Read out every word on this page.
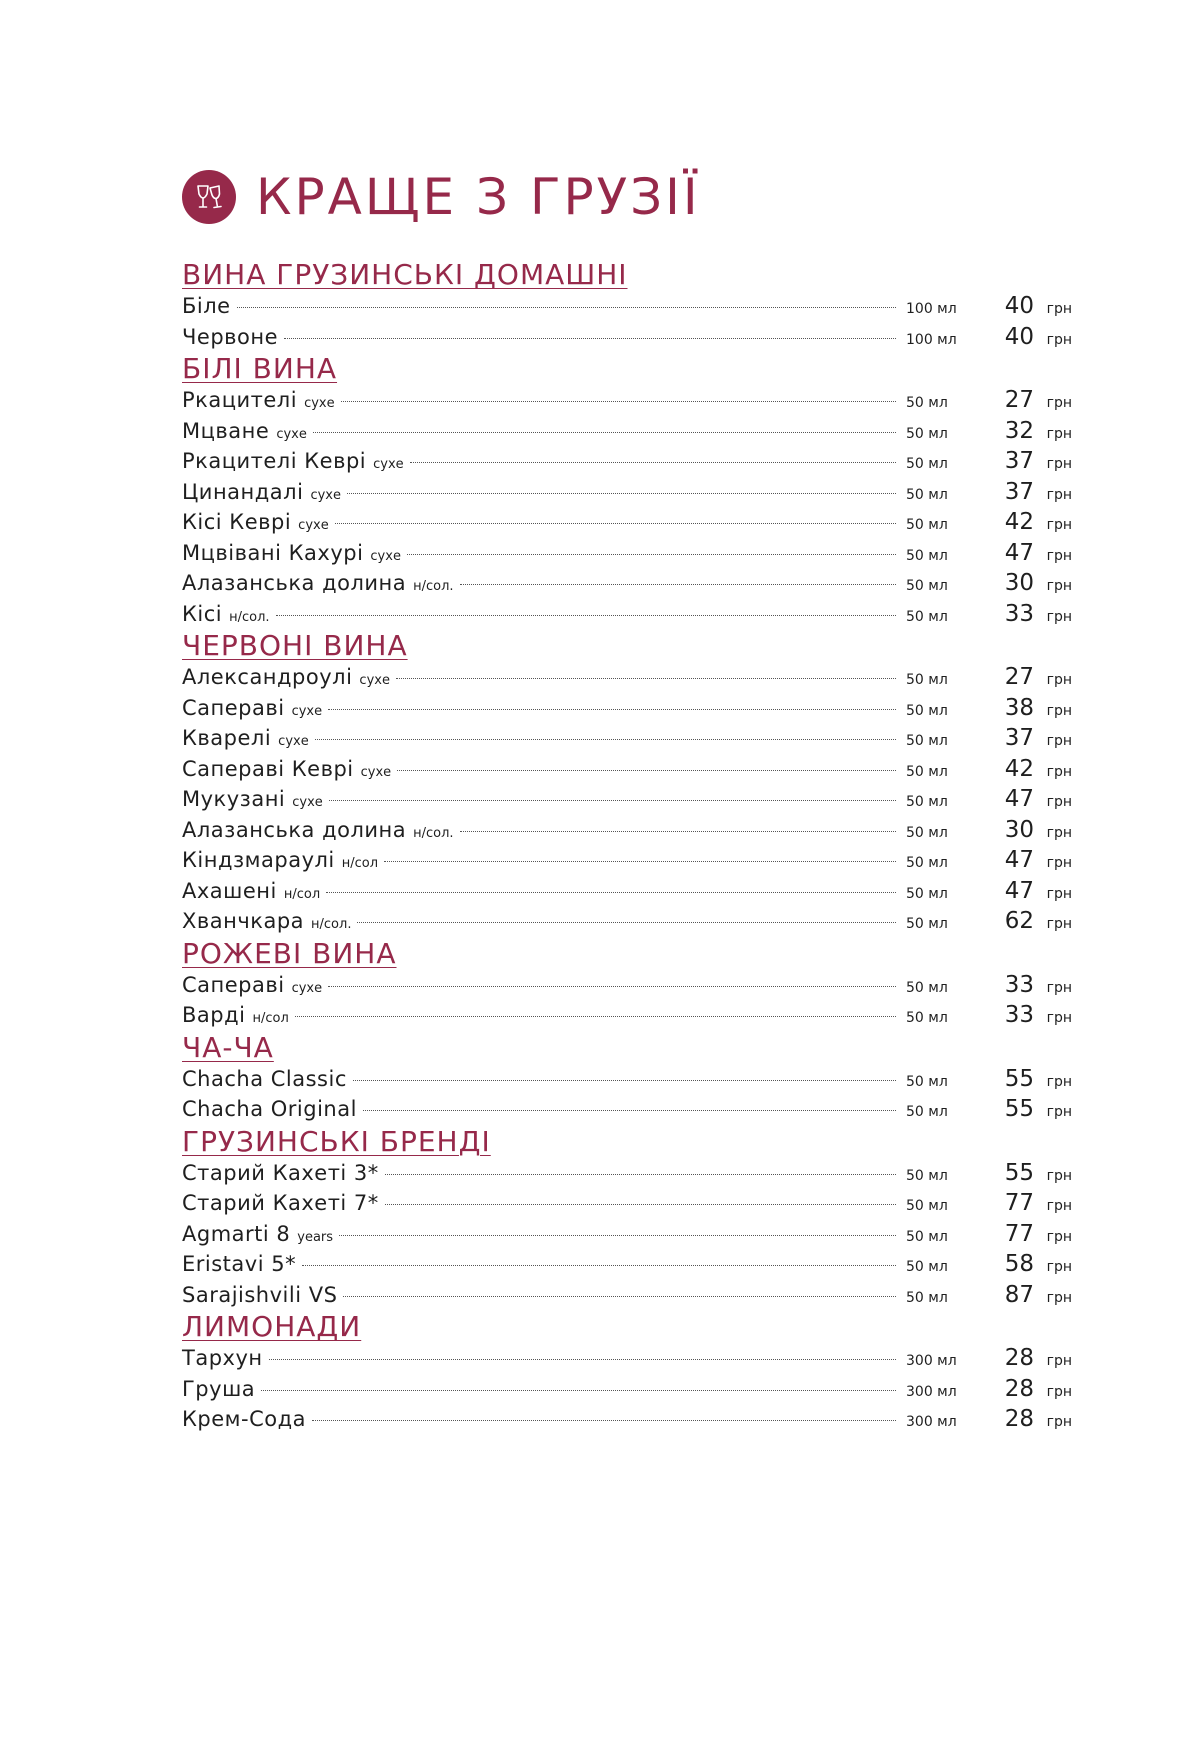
КРАЩЕ З ГРУЗІЇ
ВИНА ГРУЗИНСЬКІ ДОМАШНІ
Біле	100 мл	40 грн
Червоне	100 мл	40 грн
БІЛІ ВИНА
Ркацителі сухе	50 мл	27 грн
Мцване сухе	50 мл	32 грн
Ркацителі Кеврі сухе	50 мл	37 грн
Цинандалі сухе	50 мл	37 грн
Кісі Кеврі сухе	50 мл	42 грн
Мцвівані Кахурі сухе	50 мл	47 грн
Алазанська долина н/сол.	50 мл	30 грн
Кісі н/сол.	50 мл	33 грн
ЧЕРВОНІ ВИНА
Александроулі сухе	50 мл	27 грн
Сапераві сухе	50 мл	38 грн
Кварелі сухе	50 мл	37 грн
Сапераві Кеврі сухе	50 мл	42 грн
Мукузані сухе	50 мл	47 грн
Алазанська долина н/сол.	50 мл	30 грн
Кіндзмараулі н/сол	50 мл	47 грн
Ахашені н/сол	50 мл	47 грн
Хванчкара н/сол.	50 мл	62 грн
РОЖЕВІ ВИНА
Сапераві сухе	50 мл	33 грн
Варді н/сол	50 мл	33 грн
ЧА-ЧА
Chacha Classic	50 мл	55 грн
Chacha Original	50 мл	55 грн
ГРУЗИНСЬКІ БРЕНДІ
Старий Кахеті 3*	50 мл	55 грн
Старий Кахеті 7*	50 мл	77 грн
Agmarti 8 years	50 мл	77 грн
Eristavi 5*	50 мл	58 грн
Sarajishvili VS	50 мл	87 грн
ЛИМОНАДИ
Тархун	300 мл	28 грн
Груша	300 мл	28 грн
Крем-Сода	300 мл	28 грн
